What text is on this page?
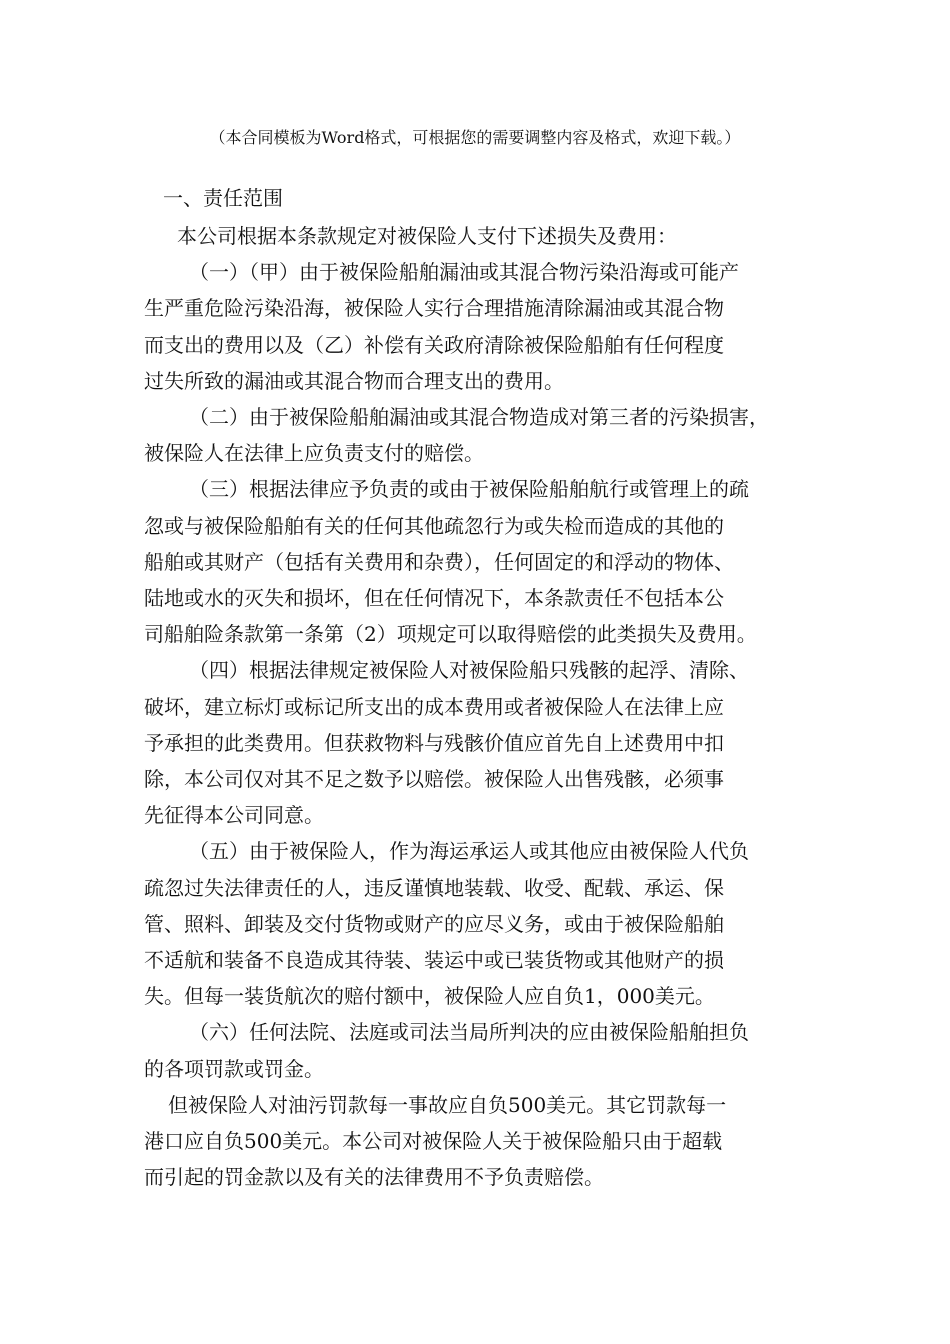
（本合同模板为Word格式，可根据您的需要调整内容及格式，欢迎下载。）
一、责任范围

本公司根据本条款规定对被保险人支付下述损失及费用：

（一）（甲）由于被保险船舶漏油或其混合物污染沿海或可能产
生严重危险污染沿海，被保险人实行合理措施清除漏油或其混合物
而支出的费用以及（乙）补偿有关政府清除被保险船舶有任何程度
过失所致的漏油或其混合物而合理支出的费用。

（二）由于被保险船舶漏油或其混合物造成对第三者的污染损害，
被保险人在法律上应负责支付的赔偿。

（三）根据法律应予负责的或由于被保险船舶航行或管理上的疏
忽或与被保险船舶有关的任何其他疏忽行为或失检而造成的其他的
船舶或其财产（包括有关费用和杂费），任何固定的和浮动的物体、
陆地或水的灭失和损坏，但在任何情况下，本条款责任不包括本公
司船舶险条款第一条第（2）项规定可以取得赔偿的此类损失及费用。

（四）根据法律规定被保险人对被保险船只残骸的起浮、清除、
破坏，建立标灯或标记所支出的成本费用或者被保险人在法律上应
予承担的此类费用。但获救物料与残骸价值应首先自上述费用中扣
除，本公司仅对其不足之数予以赔偿。被保险人出售残骸，必须事
先征得本公司同意。

（五）由于被保险人，作为海运承运人或其他应由被保险人代负
疏忽过失法律责任的人，违反谨慎地装载、收受、配载、承运、保
管、照料、卸装及交付货物或财产的应尽义务，或由于被保险船舶
不适航和装备不良造成其待装、装运中或已装货物或其他财产的损
失。但每一装货航次的赔付额中，被保险人应自负1，000美元。

（六）任何法院、法庭或司法当局所判决的应由被保险船舶担负
的各项罚款或罚金。

但被保险人对油污罚款每一事故应自负500美元。其它罚款每一
港口应自负500美元。本公司对被保险人关于被保险船只由于超载
而引起的罚金款以及有关的法律费用不予负责赔偿。
